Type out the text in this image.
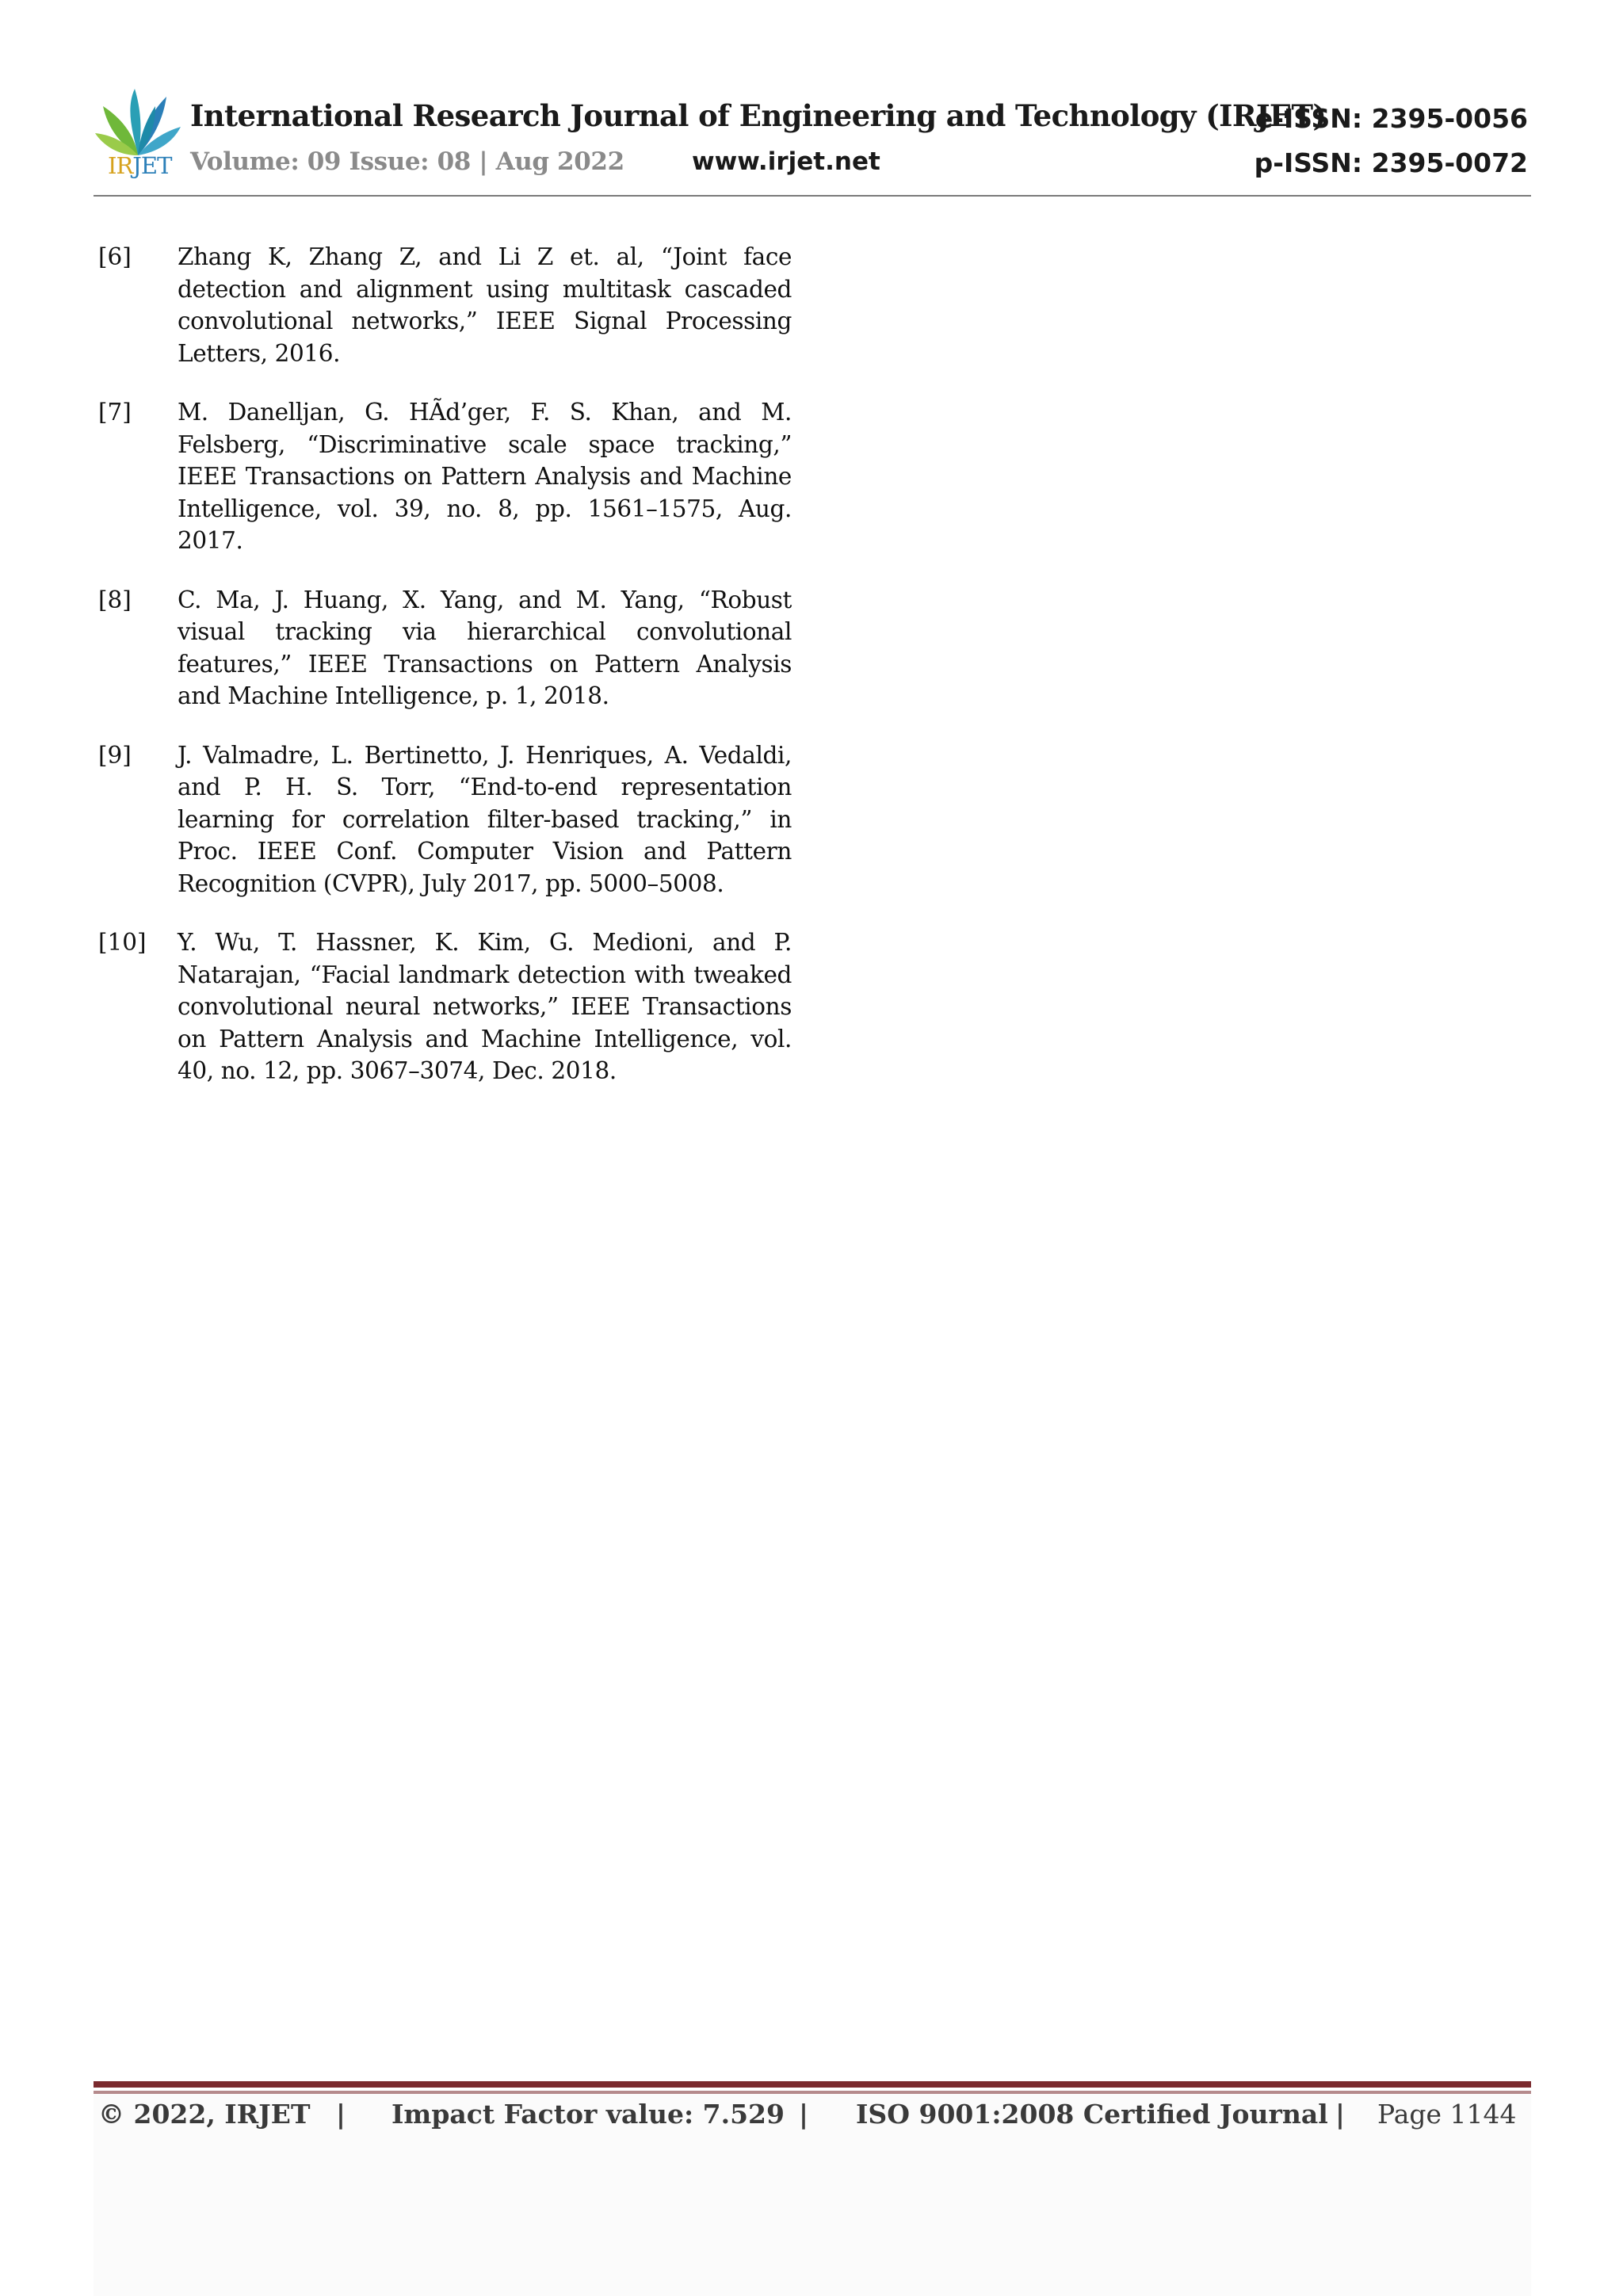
IRJET
International Research Journal of Engineering and Technology (IRJET)
e-ISSN: 2395-0056
Volume: 09 Issue: 08 | Aug 2022	www.irjet.net	p-ISSN: 2395-0072
[6] Zhang K, Zhang Z, and Li Z et. al, “Joint face detection and alignment using multitask cascaded convolutional networks,” IEEE Signal Processing Letters, 2016.
[7] M. Danelljan, G. HÃd’ger, F. S. Khan, and M. Felsberg, “Discriminative scale space tracking,” IEEE Transactions on Pattern Analysis and Machine Intelligence, vol. 39, no. 8, pp. 1561–1575, Aug. 2017.
[8] C. Ma, J. Huang, X. Yang, and M. Yang, “Robust visual tracking via hierarchical convolutional features,” IEEE Transactions on Pattern Analysis and Machine Intelligence, p. 1, 2018.
[9] J. Valmadre, L. Bertinetto, J. Henriques, A. Vedaldi, and P. H. S. Torr, “End-to-end representation learning for correlation filter-based tracking,” in Proc. IEEE Conf. Computer Vision and Pattern Recognition (CVPR), July 2017, pp. 5000–5008.
[10] Y. Wu, T. Hassner, K. Kim, G. Medioni, and P. Natarajan, “Facial landmark detection with tweaked convolutional neural networks,” IEEE Transactions on Pattern Analysis and Machine Intelligence, vol. 40, no. 12, pp. 3067–3074, Dec. 2018.
© 2022, IRJET | Impact Factor value: 7.529 | ISO 9001:2008 Certified Journal | Page 1144
